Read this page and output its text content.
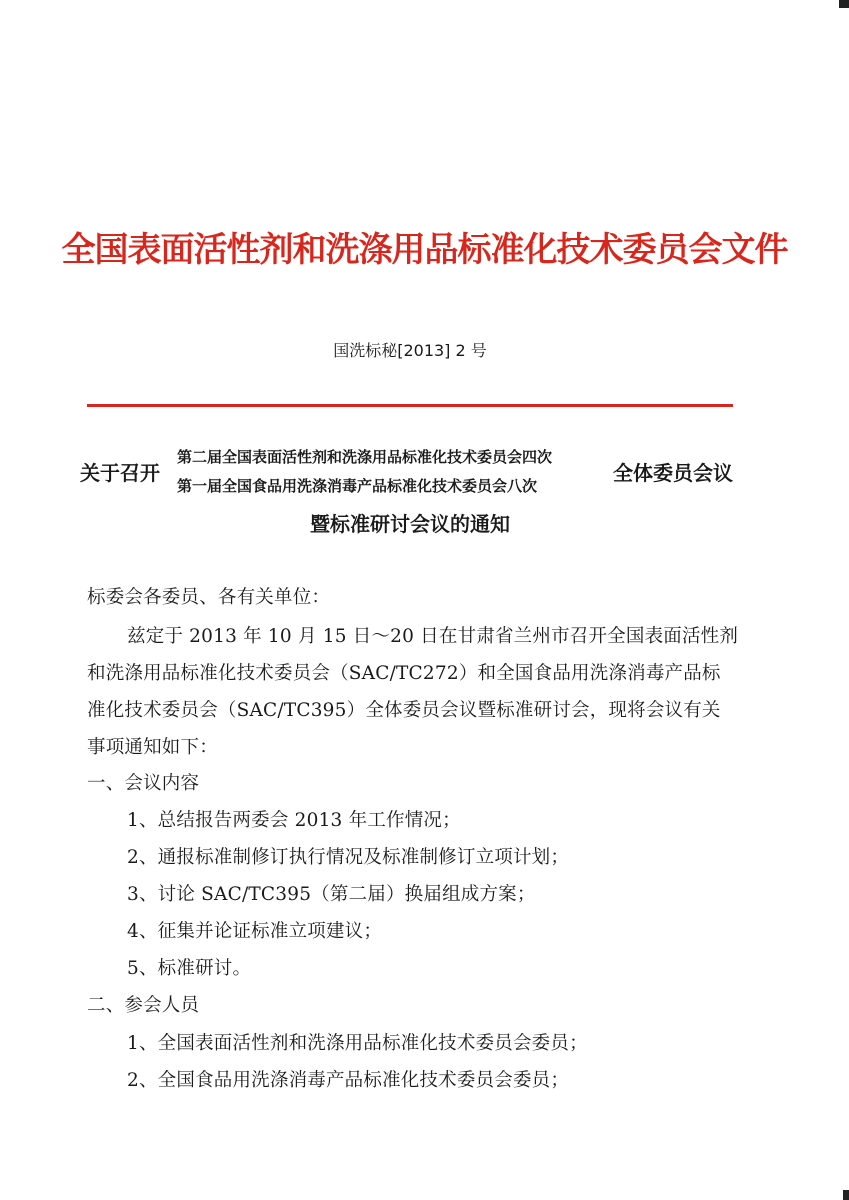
全国表面活性剂和洗涤用品标准化技术委员会文件
国洗标秘[2013] 2 号
关于召开
第二届全国表面活性剂和洗涤用品标准化技术委员会四次
第一届全国食品用洗涤消毒产品标准化技术委员会八次
全体委员会议
暨标准研讨会议的通知
标委会各委员、各有关单位：
兹定于 2013 年 10 月 15 日～20 日在甘肃省兰州市召开全国表面活性剂
和洗涤用品标准化技术委员会（SAC/TC272）和全国食品用洗涤消毒产品标
准化技术委员会（SAC/TC395）全体委员会议暨标准研讨会，现将会议有关
事项通知如下：
一、会议内容
1、总结报告两委会 2013 年工作情况；
2、通报标准制修订执行情况及标准制修订立项计划；
3、讨论 SAC/TC395（第二届）换届组成方案；
4、征集并论证标准立项建议；
5、标准研讨。
二、参会人员
1、全国表面活性剂和洗涤用品标准化技术委员会委员；
2、全国食品用洗涤消毒产品标准化技术委员会委员；
